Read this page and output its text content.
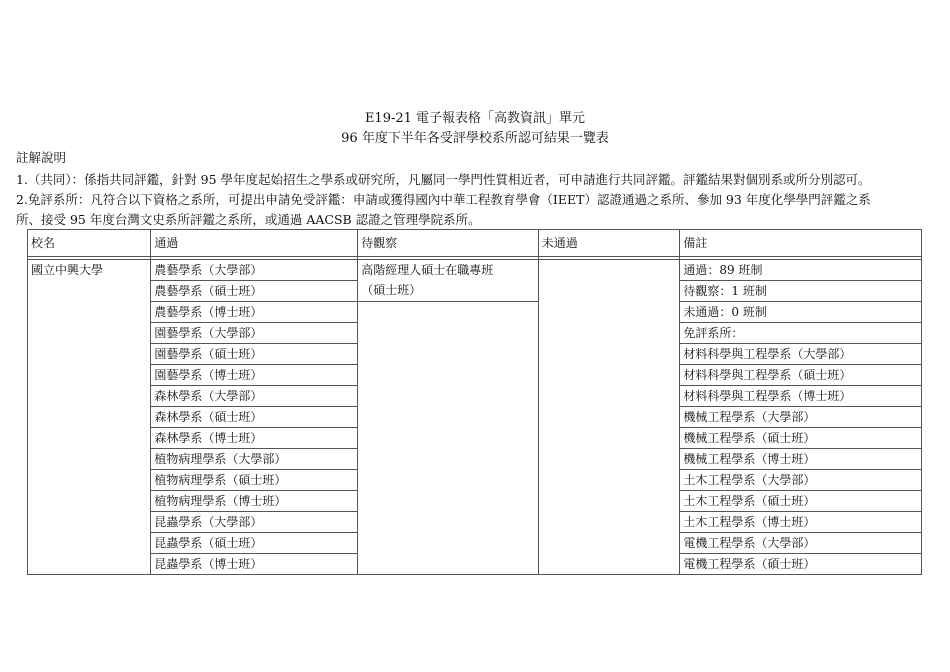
E19-21 電子報表格「高教資訊」單元
96 年度下半年各受評學校系所認可結果一覽表
註解說明
1.（共同）：係指共同評鑑，針對 95 學年度起始招生之學系或研究所，凡屬同一學門性質相近者，可申請進行共同評鑑。評鑑結果對個別系或所分別認可。
2.免評系所：凡符合以下資格之系所，可提出申請免受評鑑：申請或獲得國內中華工程教育學會（IEET）認證通過之系所、參加 93 年度化學學門評鑑之系
所、接受 95 年度台灣文史系所評鑑之系所，或通過 AACSB 認證之管理學院系所。
校名	通過	待觀察	未通過	備註

國立中興大學	農藝學系（大學部）	高階經理人碩士在職專班
（碩士班）		通過：89 班制
	農藝學系（碩士班）			待觀察：1 班制
	農藝學系（博士班）			未通過：0 班制
	園藝學系（大學部）			免評系所：
	園藝學系（碩士班）			材料科學與工程學系（大學部）
	園藝學系（博士班）			材料科學與工程學系（碩士班）
	森林學系（大學部）			材料科學與工程學系（博士班）
	森林學系（碩士班）			機械工程學系（大學部）
	森林學系（博士班）			機械工程學系（碩士班）
	植物病理學系（大學部）			機械工程學系（博士班）
	植物病理學系（碩士班）			土木工程學系（大學部）
	植物病理學系（博士班）			土木工程學系（碩士班）
	昆蟲學系（大學部）			土木工程學系（博士班）
	昆蟲學系（碩士班）			電機工程學系（大學部）
	昆蟲學系（博士班）			電機工程學系（碩士班）
